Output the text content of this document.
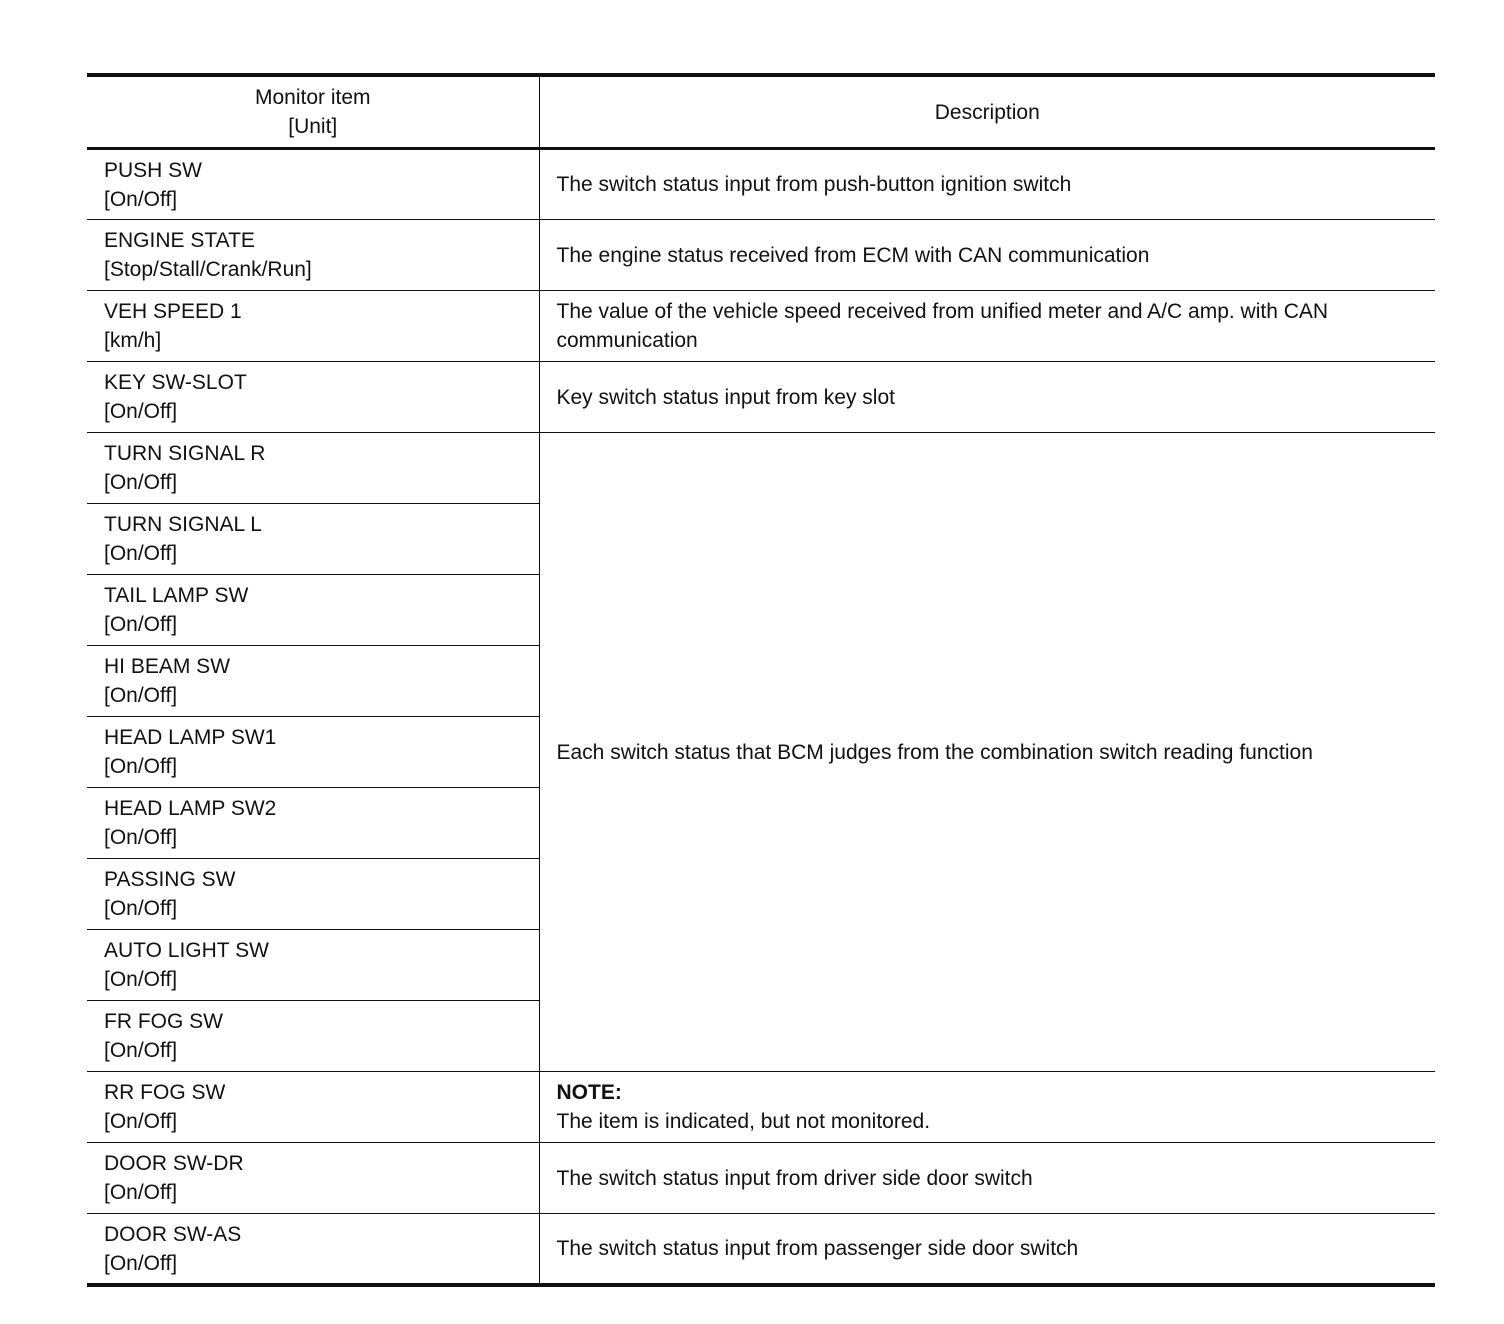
Monitor item
[Unit]	Description

PUSH SW
[On/Off]	The switch status input from push-button ignition switch

ENGINE STATE
[Stop/Stall/Crank/Run]	The engine status received from ECM with CAN communication

VEH SPEED 1
[km/h]	The value of the vehicle speed received from unified meter and A/C amp. with CAN communication

KEY SW-SLOT
[On/Off]	Key switch status input from key slot

TURN SIGNAL R
[On/Off]	Each switch status that BCM judges from the combination switch reading function

TURN SIGNAL L
[On/Off]	

TAIL LAMP SW
[On/Off]	

HI BEAM SW
[On/Off]	

HEAD LAMP SW1
[On/Off]	

HEAD LAMP SW2
[On/Off]	

PASSING SW
[On/Off]	

AUTO LIGHT SW
[On/Off]	

FR FOG SW
[On/Off]	

RR FOG SW
[On/Off]	NOTE:
The item is indicated, but not monitored.

DOOR SW-DR
[On/Off]	The switch status input from driver side door switch

DOOR SW-AS
[On/Off]	The switch status input from passenger side door switch
